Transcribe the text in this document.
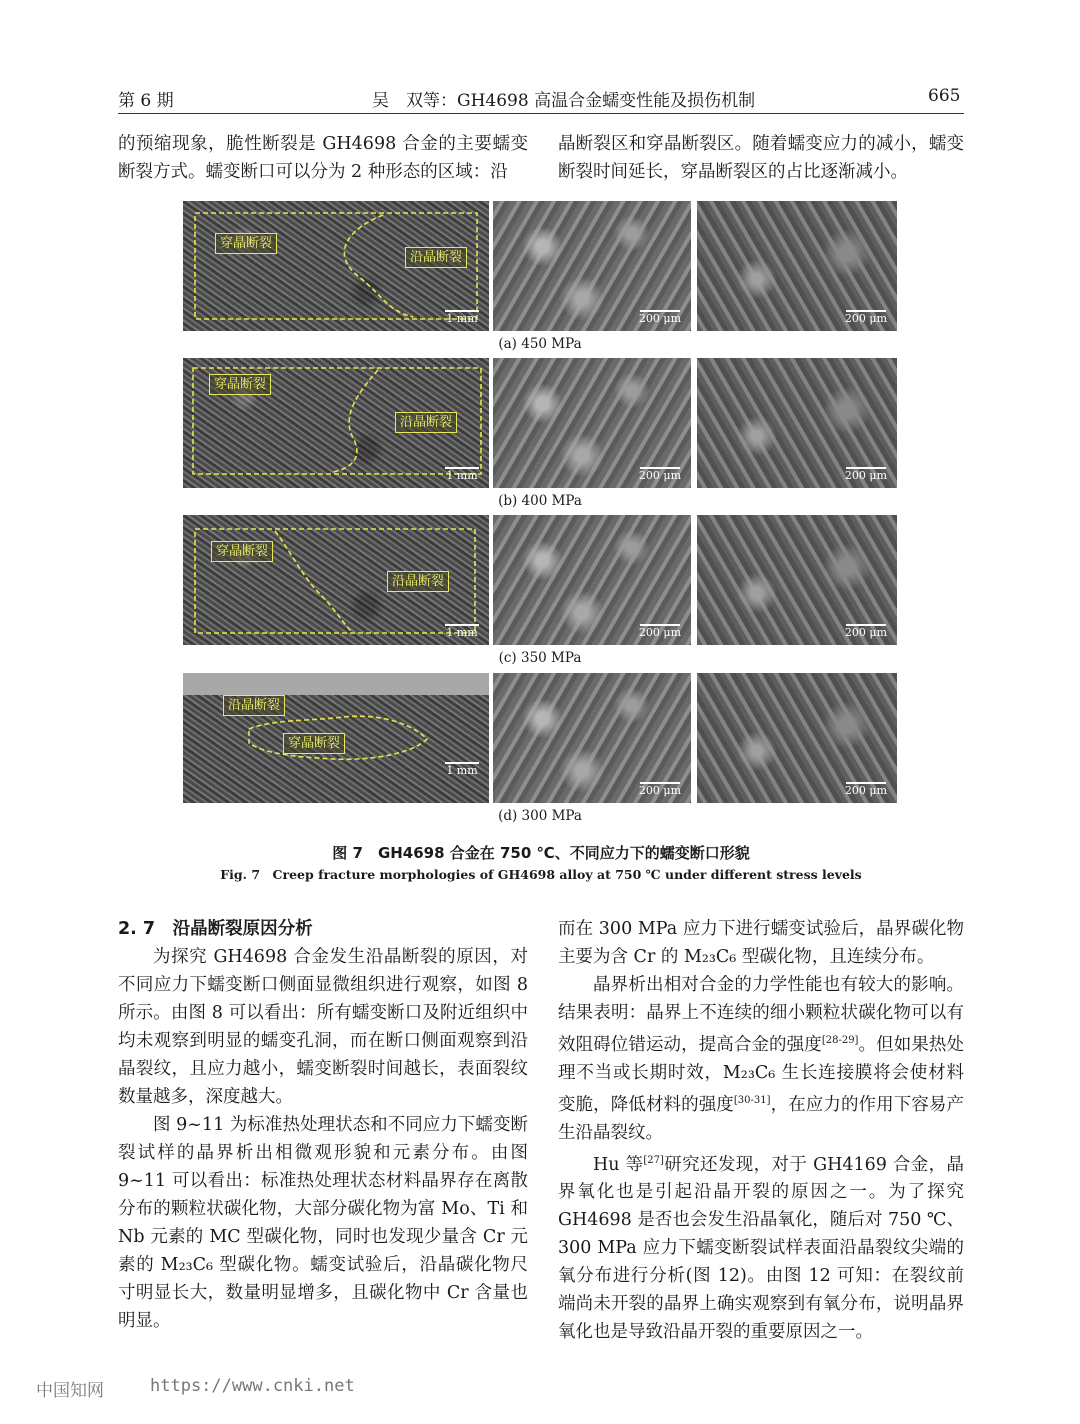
第 6 期	吴　双等：GH4698 高温合金蠕变性能及损伤机制	665
的预缩现象，脆性断裂是 GH4698 合金的主要蠕变断裂方式。蠕变断口可以分为 2 种形态的区域：沿
晶断裂区和穿晶断裂区。随着蠕变应力的减小，蠕变断裂时间延长，穿晶断裂区的占比逐渐减小。
穿晶断裂
沿晶断裂
1 mm	200 μm	200 μm
(a) 450 MPa
穿晶断裂
沿晶断裂
1 mm	200 μm	200 μm
(b) 400 MPa
穿晶断裂
沿晶断裂
1 mm	200 μm	200 μm
(c) 350 MPa
沿晶断裂
穿晶断裂
1 mm
200 μm	200 μm
(d) 300 MPa
图 7　GH4698 合金在 750 ℃、不同应力下的蠕变断口形貌
Fig. 7　Creep fracture morphologies of GH4698 alloy at 750 ℃ under different stress levels

2. 7　沿晶断裂原因分析

为探究 GH4698 合金发生沿晶断裂的原因，对不同应力下蠕变断口侧面显微组织进行观察，如图 8 所示。由图 8 可以看出：所有蠕变断口及附近组织中均未观察到明显的蠕变孔洞，而在断口侧面观察到沿晶裂纹，且应力越小，蠕变断裂时间越长，表面裂纹数量越多，深度越大。

图 9~11 为标准热处理状态和不同应力下蠕变断裂试样的晶界析出相微观形貌和元素分布。由图 9~11 可以看出：标准热处理状态材料晶界存在离散分布的颗粒状碳化物，大部分碳化物为富 Mo、Ti 和 Nb 元素的 MC 型碳化物，同时也发现少量含 Cr 元素的 M₂₃C₆ 型碳化物。蠕变试验后，沿晶碳化物尺寸明显长大，数量明显增多，且碳化物中 Cr 含量也明显。

而在 300 MPa 应力下进行蠕变试验后，晶界碳化物主要为含 Cr 的 M₂₃C₆ 型碳化物，且连续分布。

晶界析出相对合金的力学性能也有较大的影响。结果表明：晶界上不连续的细小颗粒状碳化物可以有效阻碍位错运动，提高合金的强度[28-29]。但如果热处理不当或长期时效，M₂₃C₆ 生长连接膜将会使材料变脆，降低材料的强度[30-31]，在应力的作用下容易产生沿晶裂纹。

Hu 等[27]研究还发现，对于 GH4169 合金，晶界氧化也是引起沿晶开裂的原因之一。为了探究 GH4698 是否也会发生沿晶氧化，随后对 750 ℃、300 MPa 应力下蠕变断裂试样表面沿晶裂纹尖端的氧分布进行分析(图 12)。由图 12 可知：在裂纹前端尚未开裂的晶界上确实观察到有氧分布，说明晶界氧化也是导致沿晶开裂的重要原因之一。

中国知网	https://www.cnki.net
